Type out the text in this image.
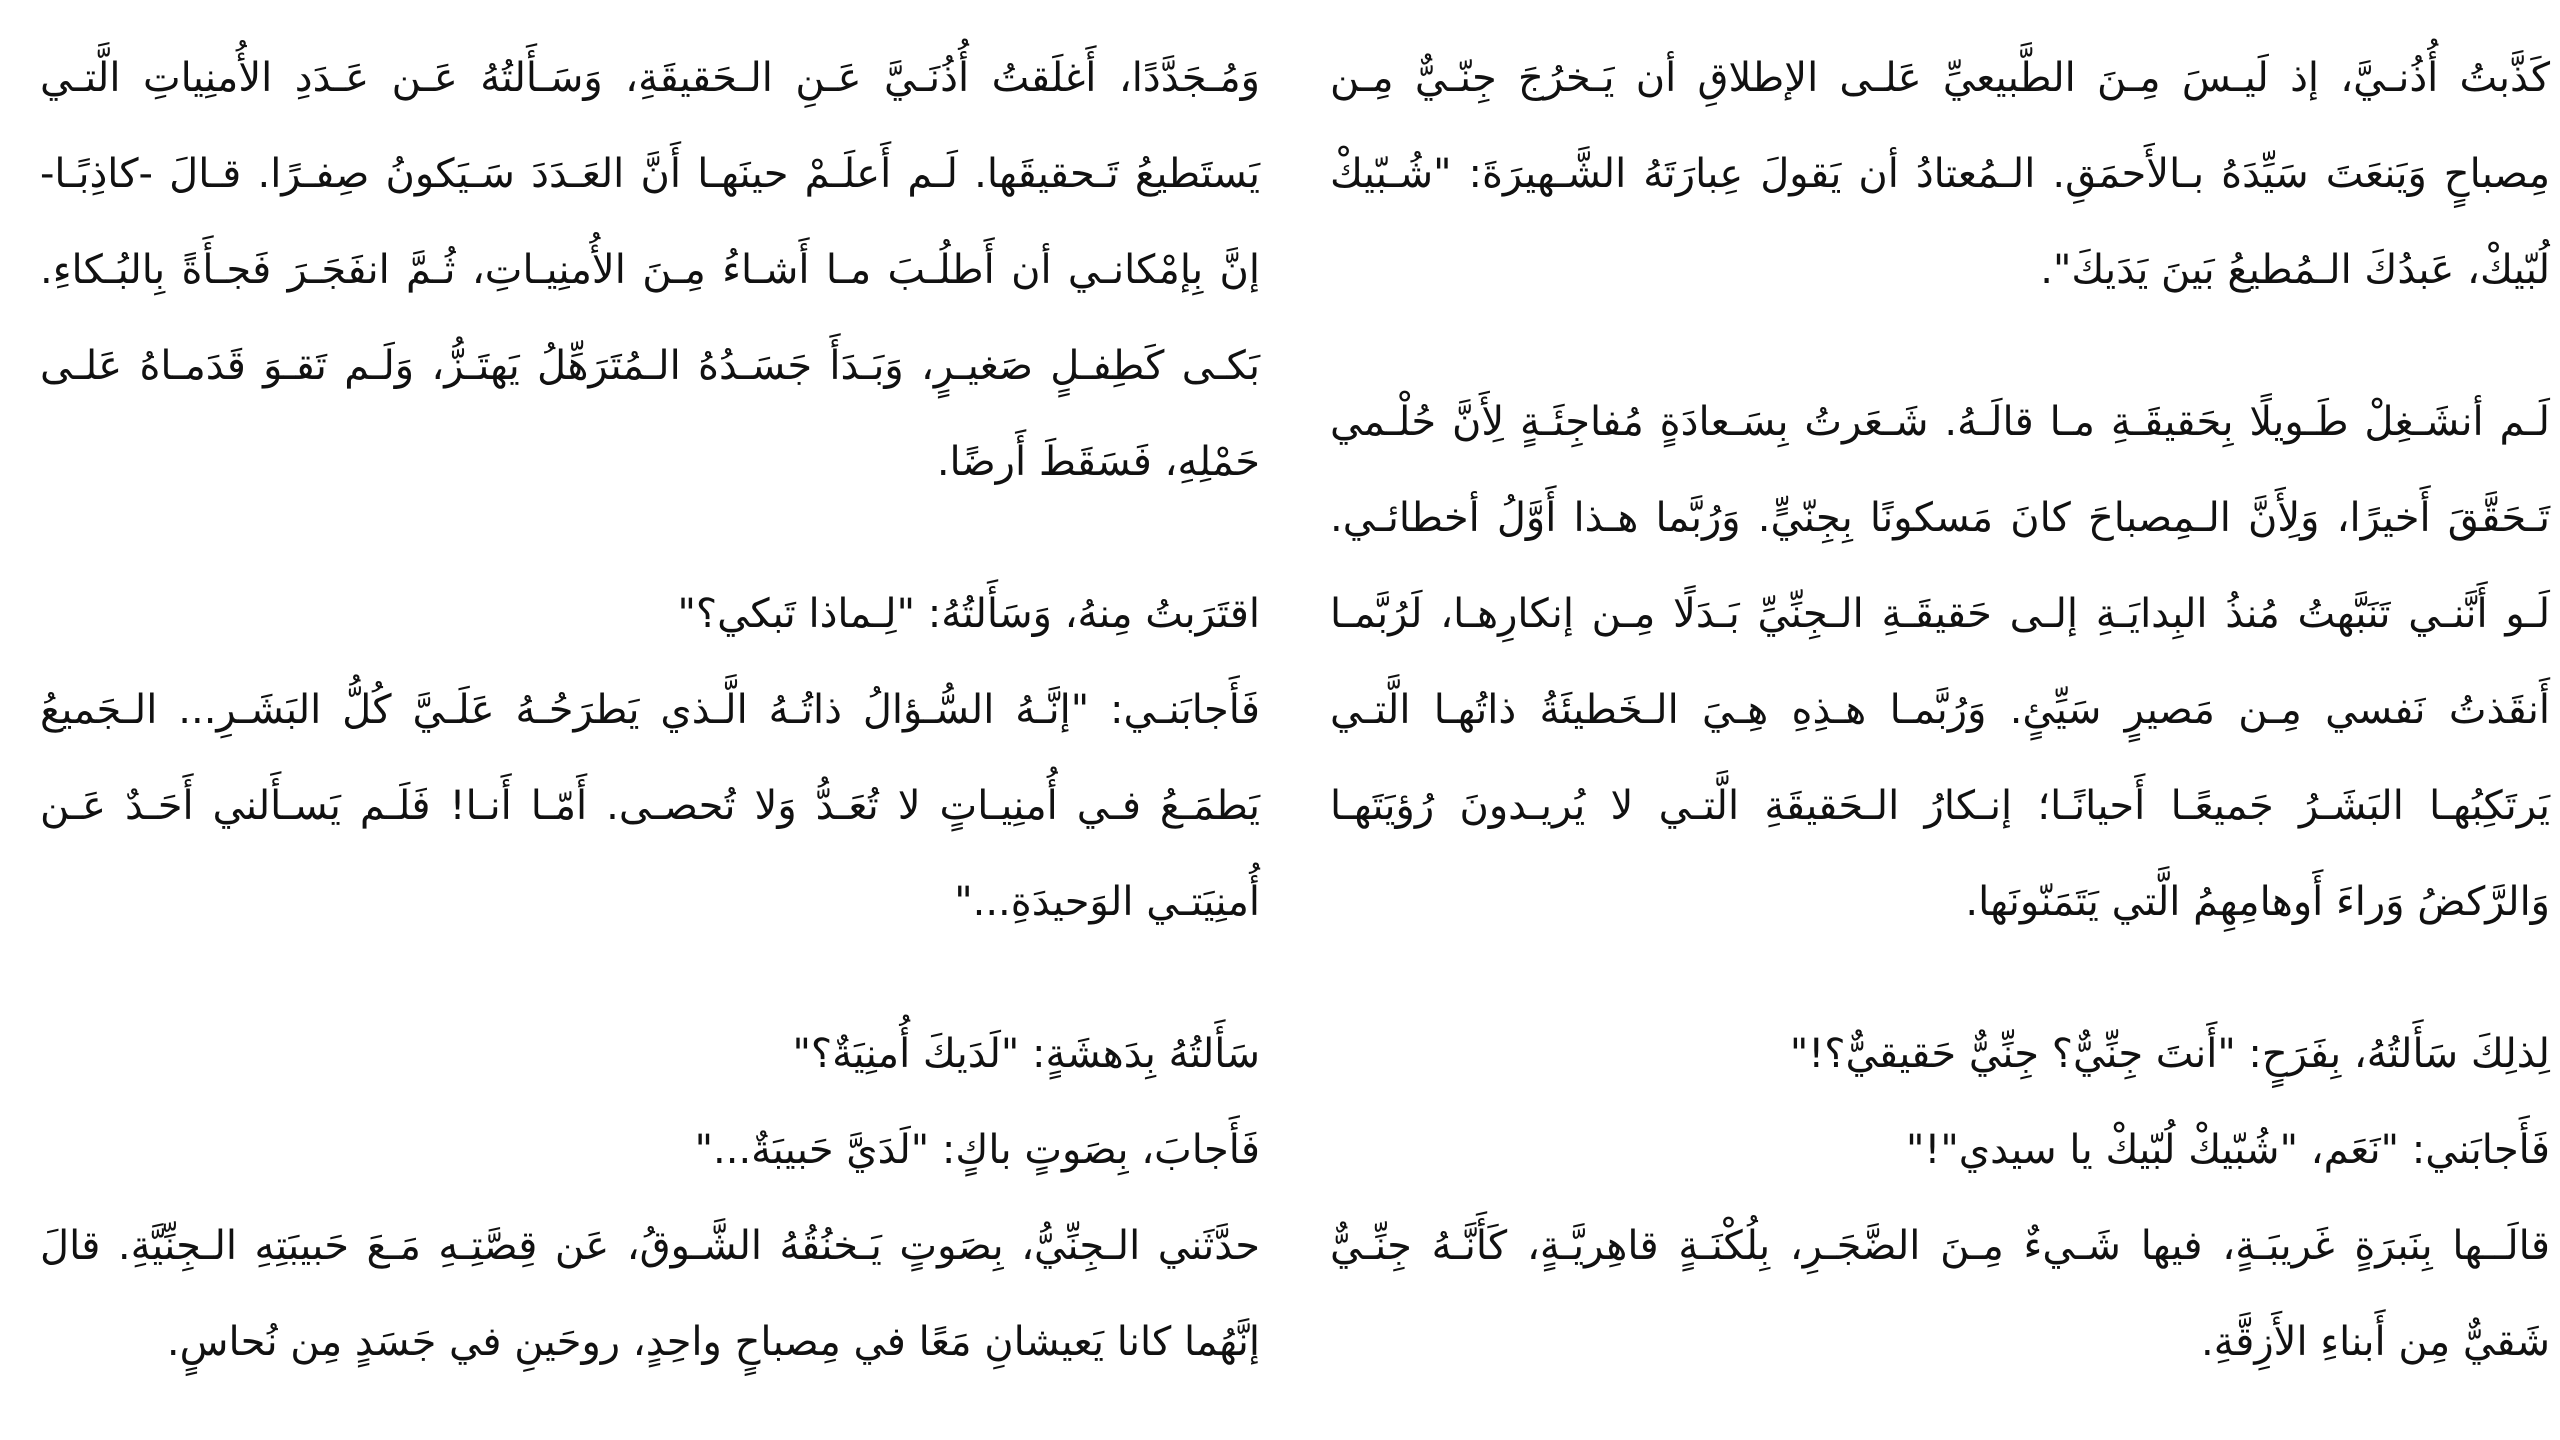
كَذَّبتُ أُذُنـيَّ، إذ لَيـسَ مِـنَ الطَّبيعيِّ عَلـى الإطلاقِ أن يَـخرُجَ جِنّـيٌّ مِـن مِصباحٍ وَيَنعَتَ سَيِّدَهُ بـالأَحمَقِ. الـمُعتادُ أن يَقولَ عِبارَتَهُ الشَّـهيرَةَ: "شُـبّيكْ لُبّيكْ، عَبدُكَ الـمُطيعُ بَينَ يَدَيكَ".

لَـم أنشَـغِلْ طَـويلًا بِحَقيقَـةِ مـا قالَـهُ. شَـعَرتُ بِسَـعادَةٍ مُفاجِئَـةٍ لِأَنَّ حُلْـمي تَـحَقَّقَ أَخيرًا، وَلِأَنَّ الـمِصباحَ كانَ مَسكونًا بِجِنّيٍّ. وَرُبَّما هـذا أَوَّلُ أخطائـي. لَـو أَنَّنـي تَنَبَّهتُ مُنذُ البِدايَـةِ إلـى حَقيقَـةِ الـجِنِّيِّ بَـدَلًا مِـن إنكارِهـا، لَرُبَّمـا أَنقَذتُ نَفسي مِـن مَصيرٍ سَيِّئٍ. وَرُبَّمـا هـذِهِ هِـيَ الـخَطيئَةُ ذاتُهـا الَّتـي يَرتَكِبُهـا البَشَـرُ جَميعًـا أَحيانًـا؛ إنـكارُ الـحَقيقَةِ الَّتـي لا يُريـدونَ رُؤيَتَهـا وَالرَّكضُ وَراءَ أَوهامِهِمُ الَّتي يَتَمَنّونَها.

لِذلِكَ سَأَلتُهُ، بِفَرَحٍ: "أَنتَ جِنِّيٌّ؟ جِنِّيٌّ حَقيقيٌّ؟!"

فَأَجابَني: "نَعَم، "شُبّيكْ لُبّيكْ يا سيدي"!"

قالَــها بِنَبرَةٍ غَريبَـةٍ، فيها شَـيءٌ مِـنَ الضَّجَـرِ، بِلُكْنَـةٍ قاهِريَّـةٍ، كَأَنَّـهُ جِنِّـيٌّ شَقيٌّ مِن أَبناءِ الأَزِقَّةِ.

وَمُـجَدَّدًا، أَغلَقتُ أُذُنَـيَّ عَـنِ الـحَقيقَةِ، وَسَـأَلتُهُ عَـن عَـدَدِ الأُمنِياتِ الَّتـي يَستَطيعُ تَـحقيقَها. لَـم أَعلَـمْ حينَهـا أَنَّ العَـدَدَ سَـيَكونُ صِفـرًا. قـالَ -كاذِبًـا- إنَّ بِإمْكانـي أن أَطلُـبَ مـا أَشـاءُ مِـنَ الأُمنِيـاتِ، ثُـمَّ انفَجَـرَ فَجـأَةً بِالبُـكاءِ. بَكـى كَطِفـلٍ صَغيـرٍ، وَبَـدَأَ جَسَـدُهُ الـمُتَرَهِّلُ يَهتَـزُّ، وَلَـم تَقـوَ قَدَمـاهُ عَلـى حَمْلِهِ، فَسَقَطَ أَرضًا.

اقتَرَبتُ مِنهُ، وَسَأَلتُهُ: "لِـماذا تَبكي؟"

فَأَجابَنـي: "إنَّـهُ السُّـؤالُ ذاتُـهُ الَّـذي يَطرَحُـهُ عَلَـيَّ كُلُّ البَشَـرِ... الـجَميعُ يَطمَـعُ فـي أُمنِيـاتٍ لا تُعَـدُّ وَلا تُحصـى. أَمّـا أَنـا! فَلَـم يَسـأَلني أَحَـدٌ عَـن أُمنِيَتـي الوَحيدَةِ..."

سَأَلتُهُ بِدَهشَةٍ: "لَدَيكَ أُمنِيَةٌ؟"

فَأَجابَ، بِصَوتٍ باكٍ: "لَدَيَّ حَبيبَةٌ..."

حدَّثَني الـجِنِّيُّ، بِصَوتٍ يَـخنُقُهُ الشَّـوقُ، عَن قِصَّتِـهِ مَـعَ حَبيبَتِهِ الـجِنِّيَّةِ. قالَ إنَّهُما كانا يَعيشانِ مَعًا في مِصباحٍ واحِدٍ، روحَينِ في جَسَدٍ مِن نُحاسٍ.
